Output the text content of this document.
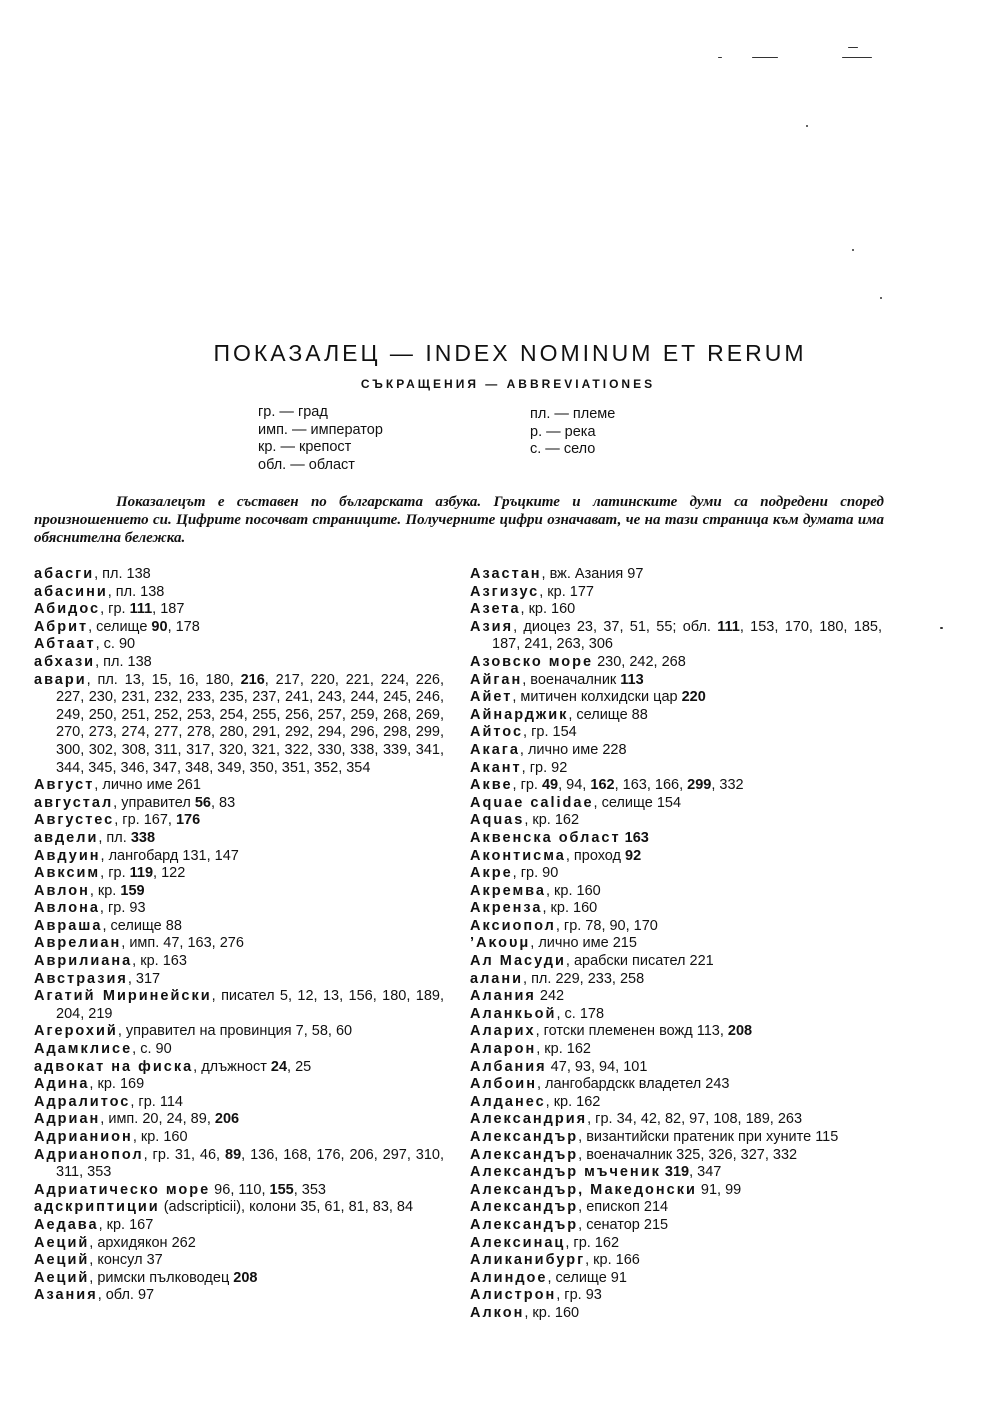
ПОКАЗАЛЕЦ — INDEX NOMINUM ET RERUM
СЪКРАЩЕНИЯ — ABBREVIATIONES
гр. — град
имп. — император
кр. — крепост
обл. — област
пл. — племе
р. — река
с. — село
Показалецът е съставен по българската азбука. Гръцките и латинските думи са подредени според произношението си. Цифрите посочват страниците. Получерните цифри означават, че на тази страница към думата има обяснителна бележка.
абасги, пл. 138
абасини, пл. 138
Абидос, гр. 111, 187
Абрит, селище 90, 178
Абтаат, с. 90
абхази, пл. 138
авари, пл. 13, 15, 16, 180, 216, 217, 220, 221, 224, 226, 227, 230, 231, 232, 233, 235, 237, 241, 243, 244, 245, 246, 249, 250, 251, 252, 253, 254, 255, 256, 257, 259, 268, 269, 270, 273, 274, 277, 278, 280, 291, 292, 294, 296, 298, 299, 300, 302, 308, 311, 317, 320, 321, 322, 330, 338, 339, 341, 344, 345, 346, 347, 348, 349, 350, 351, 352, 354
Август, лично име 261
августал, управител 56, 83
Августес, гр. 167, 176
авдели, пл. 338
Авдуин, лангобард 131, 147
Авксим, гр. 119, 122
Авлон, кр. 159
Авлона, гр. 93
Авраша, селище 88
Аврелиан, имп. 47, 163, 276
Аврилиана, кр. 163
Австразия, 317
Агатий Миринейски, писател 5, 12, 13, 156, 180, 189, 204, 219
Агерохий, управител на провинция 7, 58, 60
Адамклисе, с. 90
адвокат на фиска, длъжност 24, 25
Адина, кр. 169
Адралитос, гр. 114
Адриан, имп. 20, 24, 89, 206
Адрианион, кр. 160
Адрианопол, гр. 31, 46, 89, 136, 168, 176, 206, 297, 310, 311, 353
Адриатическо море 96, 110, 155, 353
адскриптиции (adscripticii), колони 35, 61, 81, 83, 84
Аедава, кр. 167
Аеций, архидякон 262
Аеций, консул 37
Аеций, римски пълководец 208
Азания, обл. 97
Азастан, вж. Азания 97
Азгизус, кр. 177
Азета, кр. 160
Азия, диоцез 23, 37, 51, 55; обл. 111, 153, 170, 180, 185, 187, 241, 263, 306
Азовско море 230, 242, 268
Айган, военачалник 113
Айет, митичен колхидски цар 220
Айнарджик, селище 88
Айтос, гр. 154
Акага, лично име 228
Акант, гр. 92
Акве, гр. 49, 94, 162, 163, 166, 299, 332
Aquae calidae, селище 154
Aquas, кр. 162
Аквенска област 163
Аконтисма, проход 92
Акре, гр. 90
Акремва, кр. 160
Акренза, кр. 160
Аксиопол, гр. 78, 90, 170
’Ακουμ, лично име 215
Ал Масуди, арабски писател 221
алани, пл. 229, 233, 258
Алания 242
Аланкьой, с. 178
Аларих, готски племенен вожд 113, 208
Аларон, кр. 162
Албания 47, 93, 94, 101
Албоин, лангобардскк владетел 243
Алданес, кр. 162
Александрия, гр. 34, 42, 82, 97, 108, 189, 263
Александър, византийски пратеник при хуните 115
Александър, военачалник 325, 326, 327, 332
Александър мъченик 319, 347
Александър, Македонски 91, 99
Александър, епископ 214
Александър, сенатор 215
Алексинац, гр. 162
Аликанибург, кр. 166
Алиндое, селище 91
Алистрон, гр. 93
Алкон, кр. 160
